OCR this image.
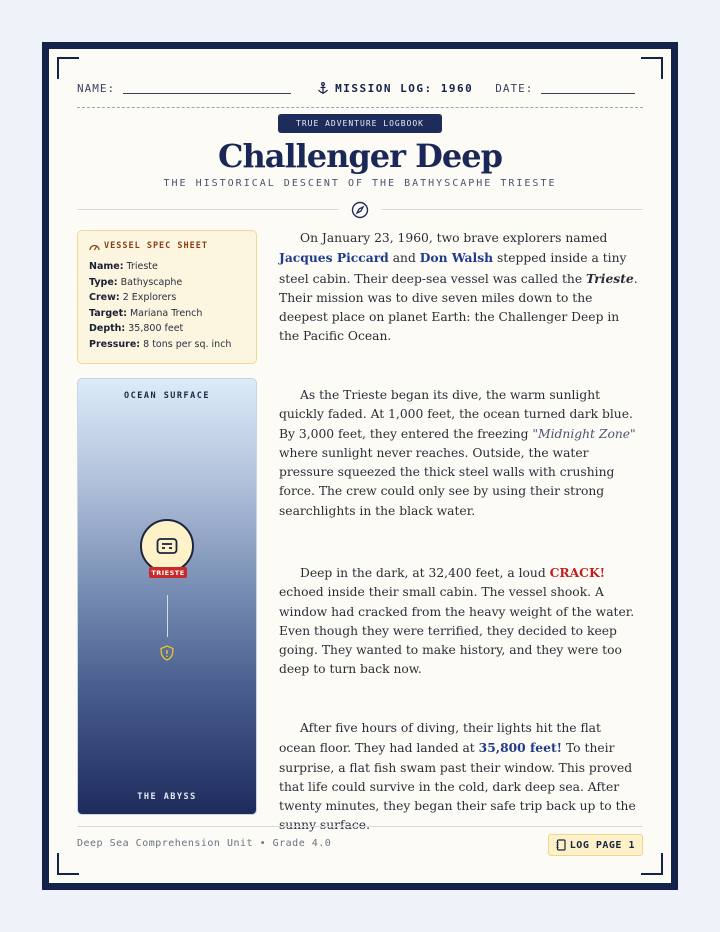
NAME:	MISSION LOG: 1960 DATE:
TRUE ADVENTURE LOGBOOK
Challenger Deep
THE HISTORICAL DESCENT OF THE BATHYSCAPHE TRIESTE
VESSEL SPEC SHEET
Name: Trieste
Type: Bathyscaphe
Crew: 2 Explorers
Target: Mariana Trench
Depth: 35,800 feet
Pressure: 8 tons per sq. inch
OCEAN SURFACE
TRIESTE
THE ABYSS
On January 23, 1960, two brave explorers named Jacques Piccard and Don Walsh stepped inside a tiny steel cabin. Their deep-sea vessel was called the Trieste. Their mission was to dive seven miles down to the deepest place on planet Earth: the Challenger Deep in the Pacific Ocean.
As the Trieste began its dive, the warm sunlight quickly faded. At 1,000 feet, the ocean turned dark blue. By 3,000 feet, they entered the freezing "Midnight Zone" where sunlight never reaches. Outside, the water pressure squeezed the thick steel walls with crushing force. The crew could only see by using their strong searchlights in the black water.
Deep in the dark, at 32,400 feet, a loud CRACK! echoed inside their small cabin. The vessel shook. A window had cracked from the heavy weight of the water. Even though they were terrified, they decided to keep going. They wanted to make history, and they were too deep to turn back now.
After five hours of diving, their lights hit the flat ocean floor. They had landed at 35,800 feet! To their surprise, a flat fish swam past their window. This proved that life could survive in the cold, dark deep sea. After twenty minutes, they began their safe trip back up to the sunny surface.
Deep Sea Comprehension Unit • Grade 4.0	LOG PAGE 1
